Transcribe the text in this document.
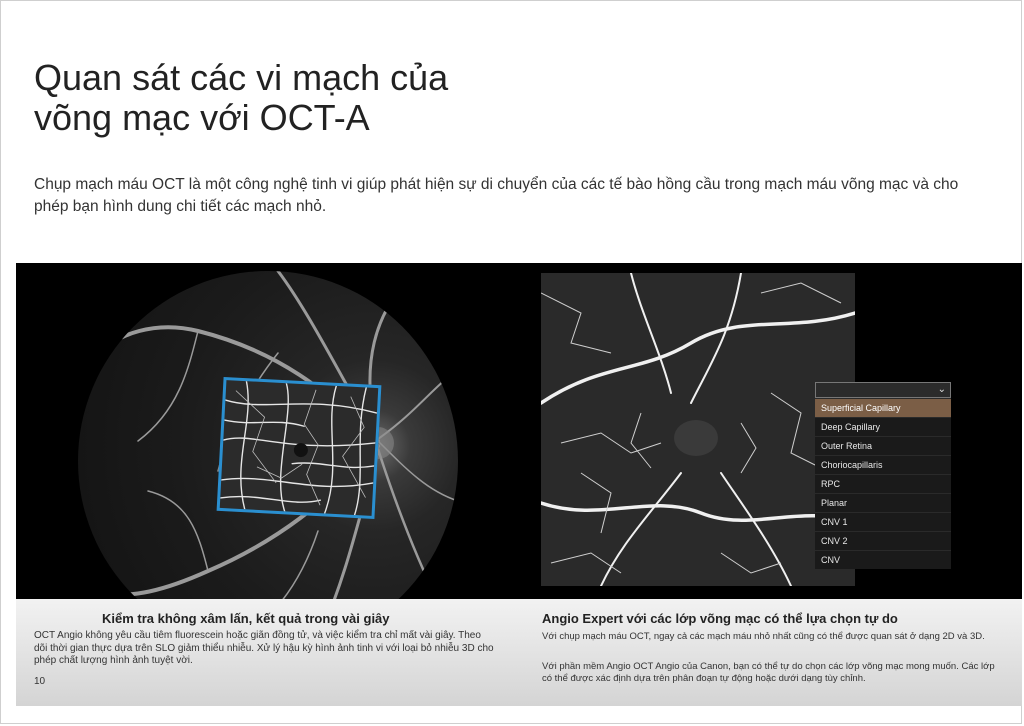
Quan sát các vi mạch của
võng mạc với OCT-A

Chụp mạch máu OCT là một công nghệ tinh vi giúp phát hiện sự di chuyển của các tế bào hồng cầu trong mạch máu võng mạc và cho phép bạn hình dung chi tiết các mạch nhỏ.

⌄
Superficial Capillary
Deep Capillary
Outer Retina
Choriocapillaris
RPC
Planar
CNV 1
CNV 2
CNV
Kiểm tra không xâm lấn, kết quả trong vài giây

OCT Angio không yêu cầu tiêm fluorescein hoặc giãn đồng tử, và việc kiểm tra chỉ mất vài giây. Theo dõi thời gian thực dựa trên SLO giảm thiểu nhiễu. Xử lý hậu kỳ hình ảnh tinh vi với loại bỏ nhiễu 3D cho phép chất lượng hình ảnh tuyệt vời.

10
Angio Expert với các lớp võng mạc có thể lựa chọn tự do

Với chụp mạch máu OCT, ngay cả các mạch máu nhỏ nhất cũng có thể được quan sát ở dạng 2D và 3D.

Với phần mềm Angio OCT Angio của Canon, bạn có thể tự do chọn các lớp võng mạc mong muốn. Các lớp có thể được xác định dựa trên phân đoạn tự động hoặc dưới dạng tùy chỉnh.
